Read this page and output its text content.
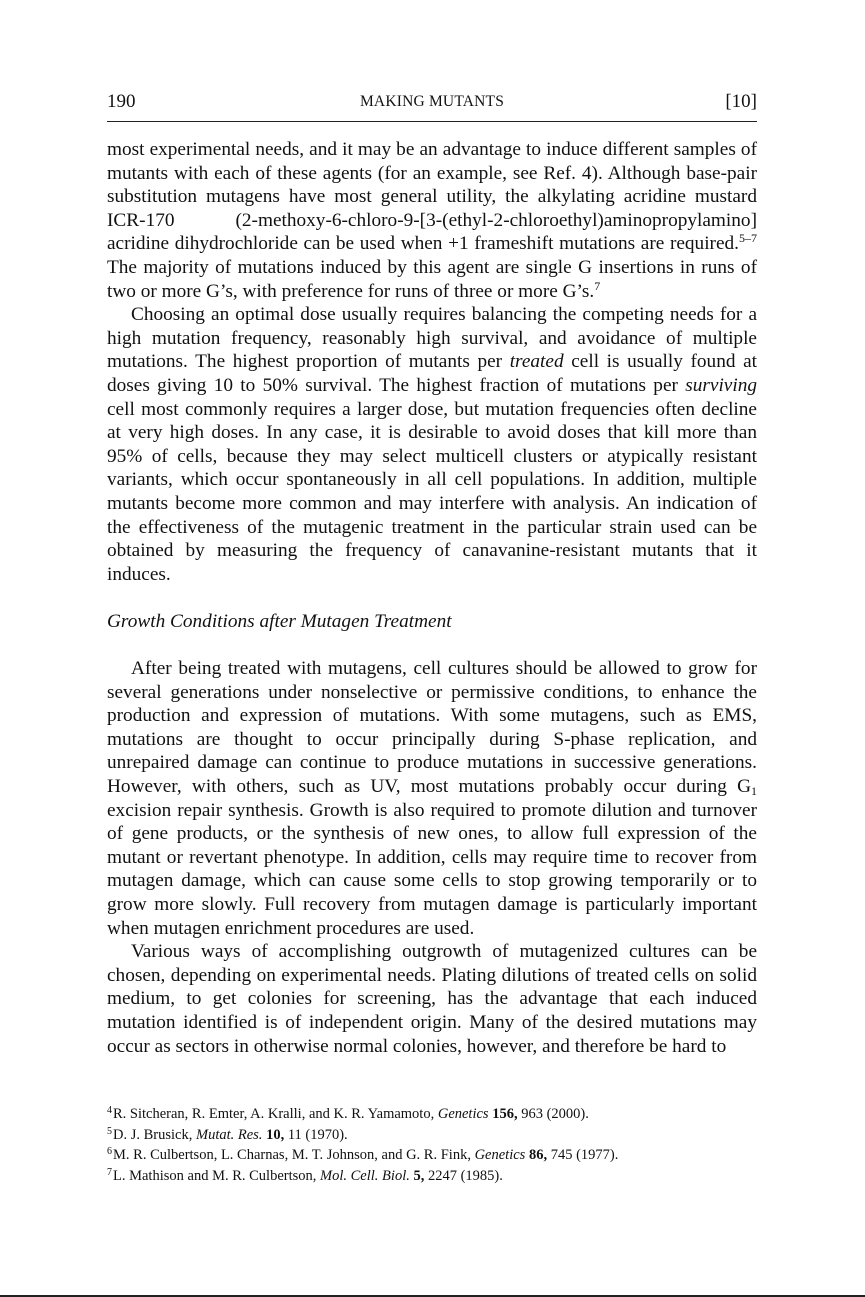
190	MAKING MUTANTS	[10]

most experimental needs, and it may be an advantage to induce different samples of mutants with each of these agents (for an example, see Ref. 4). Although base-pair substitution mutagens have most general utility, the alkylating acridine mustard ICR-170 (2-methoxy-6-chloro-9-[3-(ethyl-2-chloroethyl)aminopropylamino] acridine dihydrochloride can be used when +1 frameshift mutations are required.$^{5-7}$ The majority of mutations induced by this agent are single G insertions in runs of two or more G’s, with preference for runs of three or more G’s.$^7$

Choosing an optimal dose usually requires balancing the competing needs for a high mutation frequency, reasonably high survival, and avoidance of multiple mutations. The highest proportion of mutants per treated cell is usually found at doses giving 10 to 50% survival. The highest fraction of mutations per surviving cell most commonly requires a larger dose, but mutation frequencies often decline at very high doses. In any case, it is desirable to avoid doses that kill more than 95% of cells, because they may select multicell clusters or atypically resistant variants, which occur spontaneously in all cell populations. In addition, multiple mutants become more common and may interfere with analysis. An indication of the effectiveness of the mutagenic treatment in the particular strain used can be obtained by measuring the frequency of canavanine-resistant mutants that it induces.

Growth Conditions after Mutagen Treatment

After being treated with mutagens, cell cultures should be allowed to grow for several generations under nonselective or permissive conditions, to enhance the production and expression of mutations. With some mutagens, such as EMS, mutations are thought to occur principally during S-phase replication, and unrepaired damage can continue to produce mutations in successive generations. However, with others, such as UV, most mutations probably occur during $G_1$ excision repair synthesis. Growth is also required to promote dilution and turnover of gene products, or the synthesis of new ones, to allow full expression of the mutant or revertant phenotype. In addition, cells may require time to recover from mutagen damage, which can cause some cells to stop growing temporarily or to grow more slowly. Full recovery from mutagen damage is particularly important when mutagen enrichment procedures are used.

Various ways of accomplishing outgrowth of mutagenized cultures can be chosen, depending on experimental needs. Plating dilutions of treated cells on solid medium, to get colonies for screening, has the advantage that each induced mutation identified is of independent origin. Many of the desired mutations may occur as sectors in otherwise normal colonies, however, and therefore be hard to

$^4$R. Sitcheran, R. Emter, A. Kralli, and K. R. Yamamoto, Genetics 156, 963 (2000).

$^5$D. J. Brusick, Mutat. Res. 10, 11 (1970).

$^6$M. R. Culbertson, L. Charnas, M. T. Johnson, and G. R. Fink, Genetics 86, 745 (1977).

$^7$L. Mathison and M. R. Culbertson, Mol. Cell. Biol. 5, 2247 (1985).
